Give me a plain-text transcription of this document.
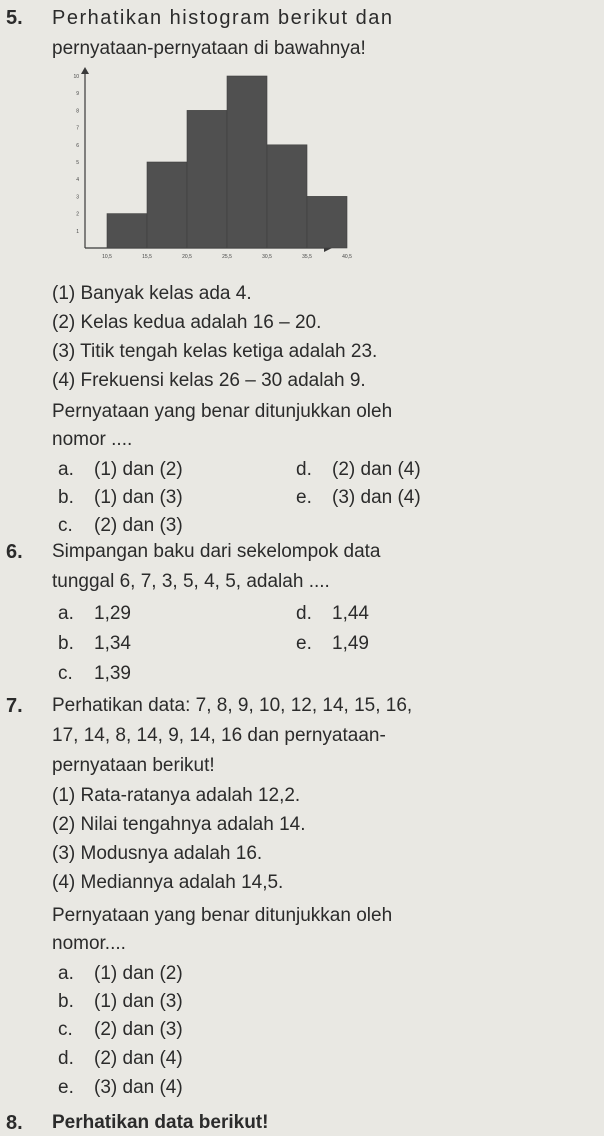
5. Perhatikan histogram berikut dan
pernyataan-pernyataan di bawahnya!
1
2
3
4
5
6
7
8
9
10
10,5	15,5	20,5	25,5	30,5	35,5	40,5
(1) Banyak kelas ada 4.
(2) Kelas kedua adalah 16 – 20.
(3) Titik tengah kelas ketiga adalah 23.
(4) Frekuensi kelas 26 – 30 adalah 9.
Pernyataan yang benar ditunjukkan oleh
nomor ....
a. (1) dan (2)
b. (1) dan (3)
c. (2) dan (3)
d. (2) dan (4)
e. (3) dan (4)
6. Simpangan baku dari sekelompok data
tunggal 6, 7, 3, 5, 4, 5, adalah ....
a. 1,29
b. 1,34
c. 1,39
d. 1,44
e. 1,49
7. Perhatikan data: 7, 8, 9, 10, 12, 14, 15, 16,
17, 14, 8, 14, 9, 14, 16 dan pernyataan-
pernyataan berikut!
(1) Rata-ratanya adalah 12,2.
(2) Nilai tengahnya adalah 14.
(3) Modusnya adalah 16.
(4) Mediannya adalah 14,5.
Pernyataan yang benar ditunjukkan oleh
nomor....
a. (1) dan (2)
b. (1) dan (3)
c. (2) dan (3)
d. (2) dan (4)
e. (3) dan (4)
8. Perhatikan data berikut!
